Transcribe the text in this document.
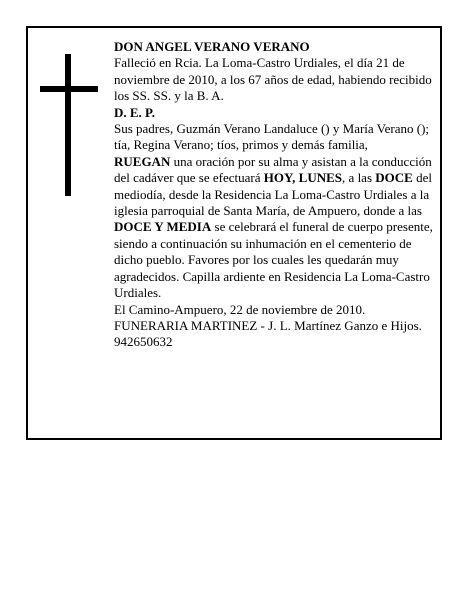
DON ANGEL VERANO VERANO

Falleció en Rcia. La Loma-Castro Urdiales, el día 21 de noviembre de 2010, a los 67 años de edad, habiendo recibido los SS. SS. y la B. A.

D. E. P.

Sus padres, Guzmán Verano Landaluce () y María Verano (); tía, Regina Verano; tíos, primos y demás familia,

RUEGAN una oración por su alma y asistan a la conducción del cadáver que se efectuará HOY, LUNES, a las DOCE del mediodía, desde la Residencia La Loma-Castro Urdiales a la iglesia parroquial de Santa María, de Ampuero, donde a las DOCE Y MEDIA se celebrará el funeral de cuerpo presente, siendo a continuación su inhumación en el cementerio de dicho pueblo. Favores por los cuales les quedarán muy agradecidos. Capilla ardiente en Residencia La Loma-Castro Urdiales.

El Camino-Ampuero, 22 de noviembre de 2010.

FUNERARIA MARTINEZ - J. L. Martínez Ganzo e Hijos. 942650632
